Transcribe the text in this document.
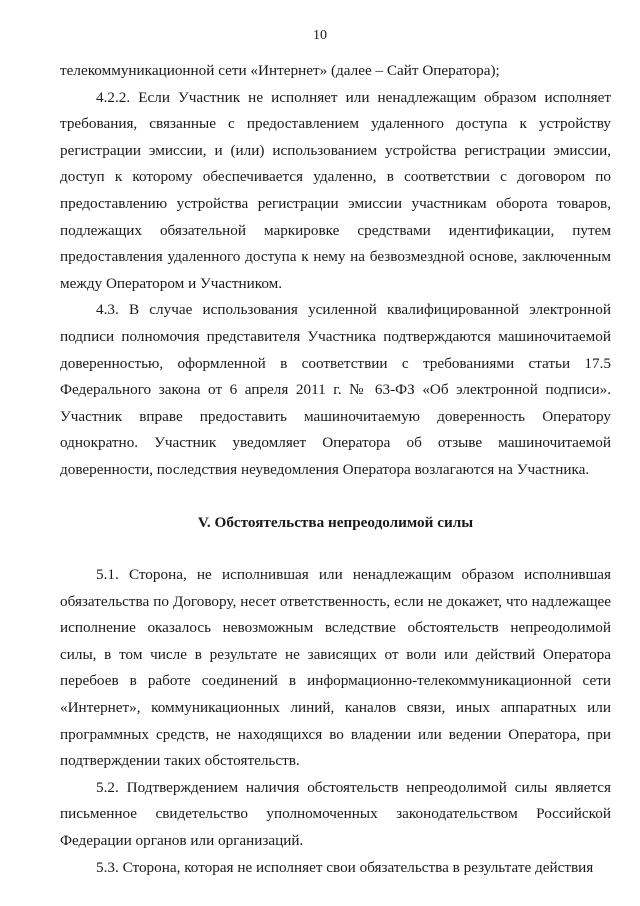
10

телекоммуникационной сети «Интернет» (далее – Сайт Оператора);

4.2.2. Если Участник не исполняет или ненадлежащим образом исполняет требования, связанные с предоставлением удаленного доступа к устройству регистрации эмиссии, и (или) использованием устройства регистрации эмиссии, доступ к которому обеспечивается удаленно, в соответствии с договором по предоставлению устройства регистрации эмиссии участникам оборота товаров, подлежащих обязательной маркировке средствами идентификации, путем предоставления удаленного доступа к нему на безвозмездной основе, заключенным между Оператором и Участником.

4.3. В случае использования усиленной квалифицированной электронной подписи полномочия представителя Участника подтверждаются машиночитаемой доверенностью, оформленной в соответствии с требованиями статьи 17.5 Федерального закона от 6 апреля 2011 г. № 63-ФЗ «Об электронной подписи». Участник вправе предоставить машиночитаемую доверенность Оператору однократно. Участник уведомляет Оператора об отзыве машиночитаемой доверенности, последствия неуведомления Оператора возлагаются на Участника.

V. Обстоятельства непреодолимой силы

5.1. Сторона, не исполнившая или ненадлежащим образом исполнившая обязательства по Договору, несет ответственность, если не докажет, что надлежащее исполнение оказалось невозможным вследствие обстоятельств непреодолимой силы, в том числе в результате не зависящих от воли или действий Оператора перебоев в работе соединений в информационно-телекоммуникационной сети «Интернет», коммуникационных линий, каналов связи, иных аппаратных или программных средств, не находящихся во владении или ведении Оператора, при подтверждении таких обстоятельств.

5.2. Подтверждением наличия обстоятельств непреодолимой силы является письменное свидетельство уполномоченных законодательством Российской Федерации органов или организаций.

5.3. Сторона, которая не исполняет свои обязательства в результате действия
